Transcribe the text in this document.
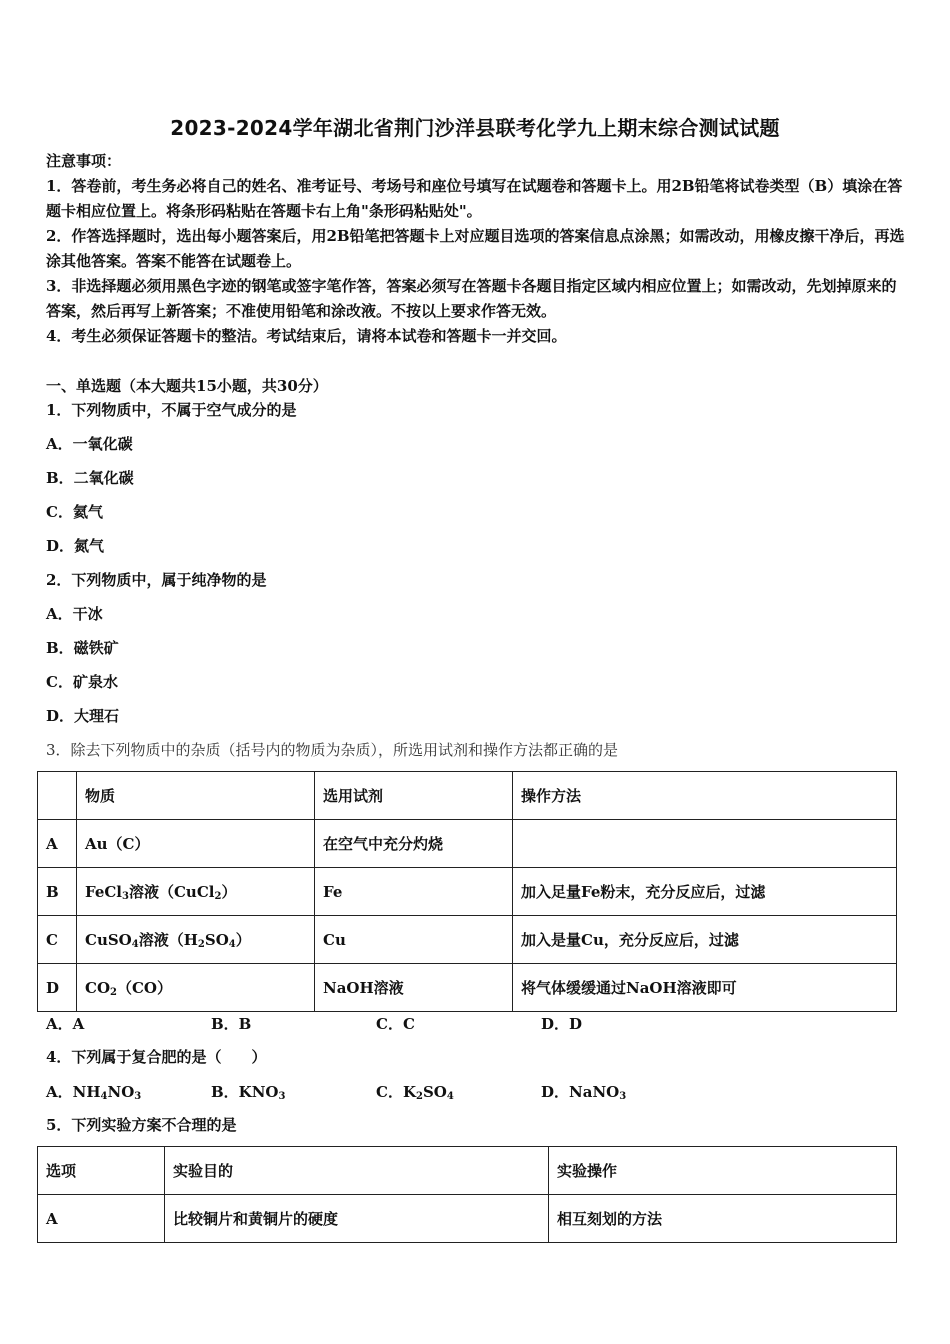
2023-2024学年湖北省荆门沙洋县联考化学九上期末综合测试试题
注意事项：
1．答卷前，考生务必将自己的姓名、准考证号、考场号和座位号填写在试题卷和答题卡上。用2B铅笔将试卷类型（B）填涂在答题卡相应位置上。将条形码粘贴在答题卡右上角"条形码粘贴处"。
2．作答选择题时，选出每小题答案后，用2B铅笔把答题卡上对应题目选项的答案信息点涂黑；如需改动，用橡皮擦干净后，再选涂其他答案。答案不能答在试题卷上。
3．非选择题必须用黑色字迹的钢笔或签字笔作答，答案必须写在答题卡各题目指定区域内相应位置上；如需改动，先划掉原来的答案，然后再写上新答案；不准使用铅笔和涂改液。不按以上要求作答无效。
4．考生必须保证答题卡的整洁。考试结束后，请将本试卷和答题卡一并交回。
一、单选题（本大题共15小题，共30分）
1．下列物质中，不属于空气成分的是
A．一氧化碳
B．二氧化碳
C．氦气
D．氮气
2．下列物质中，属于纯净物的是
A．干冰
B．磁铁矿
C．矿泉水
D．大理石
3．除去下列物质中的杂质（括号内的物质为杂质），所选用试剂和操作方法都正确的是
	物质	选用试剂	操作方法
A	Au（C）	在空气中充分灼烧	
B	FeCl$_3$溶液（CuCl$_2$）	Fe	加入足量Fe粉末，充分反应后，过滤
C	CuSO$_4$溶液$(H_2SO_4)$	Cu	加入是量Cu，充分反应后，过滤
D	$CO_2(CO)$	NaOH溶液	将气体缓缓通过NaOH溶液即可
A．A	B．B	C．C	D．D
4．下列属于复合肥的是（　　）
A．$NH_4NO_3$	B．$KNO_3$	C．$K_2SO_4$	D．NaNO$_3$
5．下列实验方案不合理的是
选项	实验目的	实验操作
A	比较铜片和黄铜片的硬度	相互刻划的方法
